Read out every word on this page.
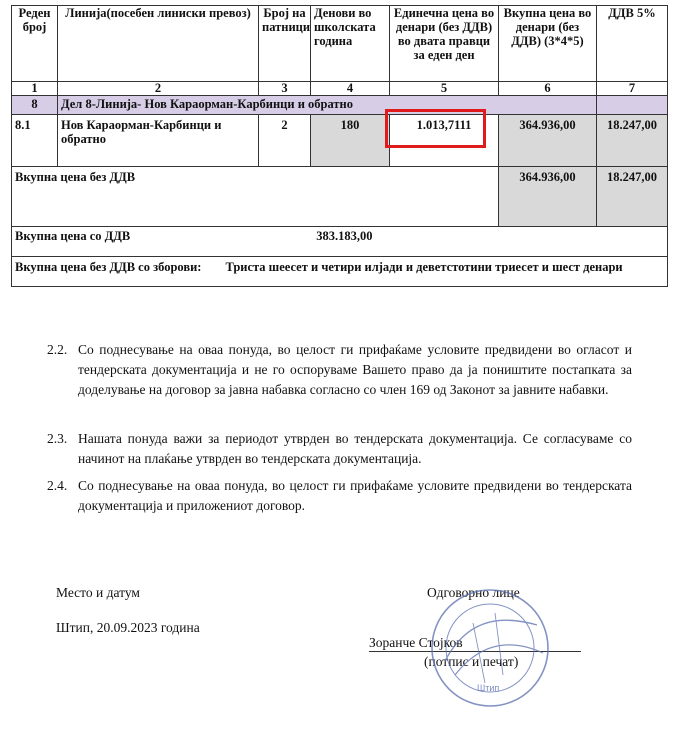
Реден број	Линија(посебен линиски превоз)	Број на патници	Денови во школската година	Единечна цена во денари (без ДДВ) во двата правци за еден ден	Вкупна цена во денари (без ДДВ) (3*4*5)	ДДВ 5%
1	2	3	4	5	6	7
8	Дел 8-Линија- Нов Караорман-Карбинци и обратно					
8.1	Нов Караорман-Карбинци и обратно	2	180	1.013,7111	364.936,00	18.247,00
Вкупна цена без ДДВ					364.936,00	18.247,00
Вкупна цена со ДДВ 383.183,00						
Вкупна цена без ДДВ со зборови: Триста шеесет и четири илјади и деветстотини триесет и шест денари						
2.2. Со поднесување на оваа понуда, во целост ги прифаќаме условите предвидени во огласот и тендерската документација и не го оспоруваме Вашето право да ја поништите постапката за доделување на договор за јавна набавка согласно со член 169 од Законот за јавните набавки.
2.3. Нашата понуда важи за периодот утврден во тендерската документација. Се согласуваме со начинот на плаќање утврден во тендерската документација.
2.4. Со поднесување на оваа понуда, во целост ги прифаќаме условите предвидени во тендерската документација и приложениот договор.
Место и датум
Штип, 20.09.2023 година
Одговорно лице
Зоранче Стојков
(потпис и печат)
Штип
